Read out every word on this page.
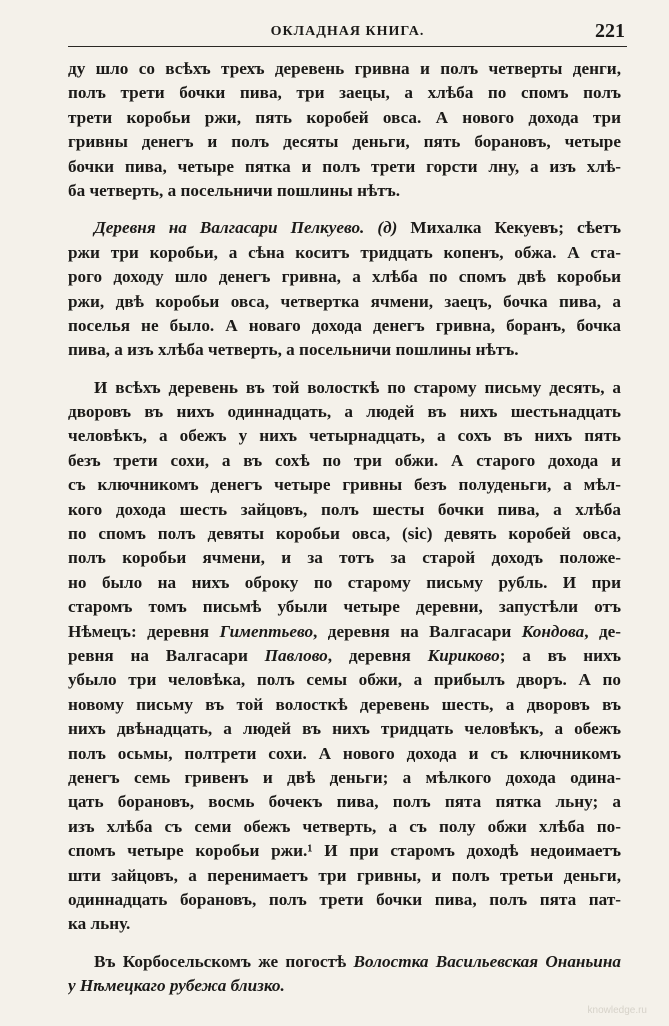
ОКЛАДНАЯ КНИГА.	221
ду шло со всѣхъ трехъ деревень гривна и полъ четверты денги,
полъ трети бочки пива, три заецы, а хлѣба по спомъ полъ
трети коробьи ржи, пять коробей овса. А нового дохода три
гривны денегъ и полъ десяты деньги, пять борановъ, четыре
бочки пива, четыре пятка и полъ трети горсти лну, а изъ хлѣ-
ба четверть, а посельничи пошлины нѣтъ.
Деревня на Валгасари Пелкуево. (д) Михалка Кекуевъ; сѣетъ
ржи три коробьи, а сѣна коситъ тридцать копенъ, обжа. А ста-
рого доходу шло денегъ гривна, а хлѣба по спомъ двѣ коробьи
ржи, двѣ коробьи овса, четвертка ячмени, заецъ, бочка пива, а
поселья не было. А новаго дохода денегъ гривна, боранъ, бочка
пива, а изъ хлѣба четверть, а посельничи пошлины нѣтъ.
И всѣхъ деревень въ той волосткѣ по старому письму десять, а
дворовъ въ нихъ одиннадцать, а людей въ нихъ шестьнадцать
человѣкъ, а обежъ у нихъ четырнадцать, а сохъ въ нихъ пять
безъ трети сохи, а въ сохѣ по три обжи. А старого дохода и
съ ключникомъ денегъ четыре гривны безъ полуденьги, а мѣл-
кого дохода шесть зайцовъ, полъ шесты бочки пива, а хлѣба
по спомъ полъ девяты коробьи овса, (sic) девять коробей овса,
полъ коробьи ячмени, и за тотъ за старой доходъ положе-
но было на нихъ оброку по старому письму рубль. И при
старомъ томъ письмѣ убыли четыре деревни, запустѣли отъ
Нѣмецъ: деревня Гимептьево, деревня на Валгасари Кондова, де-
ревня на Валгасари Павлово, деревня Кириково; а въ нихъ
убыло три человѣка, полъ семы обжи, а прибылъ дворъ. А по
новому письму въ той волосткѣ деревень шесть, а дворовъ въ
нихъ двѣнадцать, а людей въ нихъ тридцать человѣкъ, а обежъ
полъ осьмы, полтрети сохи. А нового дохода и съ ключникомъ
денегъ семь гривенъ и двѣ деньги; а мѣлкого дохода одина-
цать борановъ, восмь бочекъ пива, полъ пята пятка льну; а
изъ хлѣба съ семи обежъ четверть, а съ полу обжи хлѣба по-
спомъ четыре коробьи ржи.¹ И при старомъ доходѣ недоимаетъ
шти зайцовъ, а перенимаетъ три гривны, и полъ третьи деньги,
одиннадцать борановъ, полъ трети бочки пива, полъ пята пат-
ка льну.
Въ Корбосельскомъ же погостѣ Волостка Васильевская Онаньина
у Нѣмецкаго рубежа близко.
knowledge.ru
